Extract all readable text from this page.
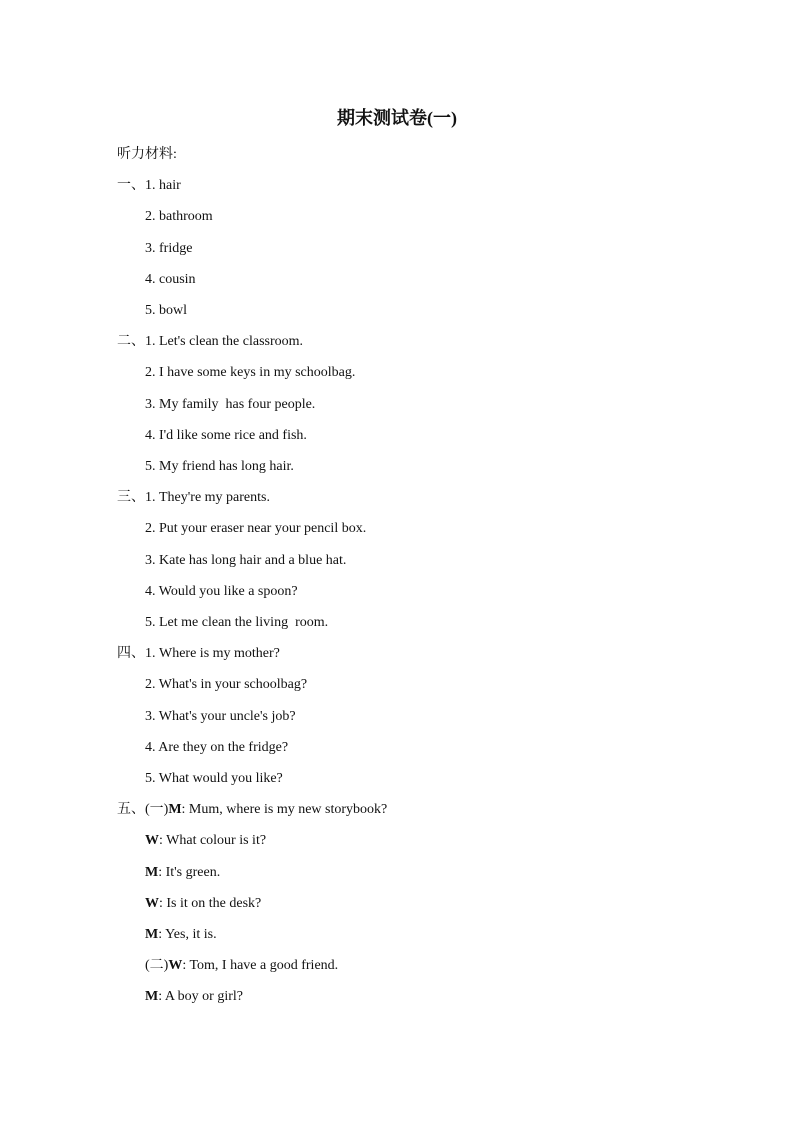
期末测试卷(一)
听力材料:
一、1. hair
2. bathroom
3. fridge
4. cousin
5. bowl
二、1. Let's clean the classroom.
2. I have some keys in my schoolbag.
3. My family  has four people.
4. I'd like some rice and fish.
5. My friend has long hair.
三、1. They're my parents.
2. Put your eraser near your pencil box.
3. Kate has long hair and a blue hat.
4. Would you like a spoon?
5. Let me clean the living  room.
四、1. Where is my mother?
2. What's in your schoolbag?
3. What's your uncle's job?
4. Are they on the fridge?
5. What would you like?
五、(一)M: Mum, where is my new storybook?
W: What colour is it?
M: It's green.
W: Is it on the desk?
M: Yes, it is.
(二)W: Tom, I have a good friend.
M: A boy or girl?
